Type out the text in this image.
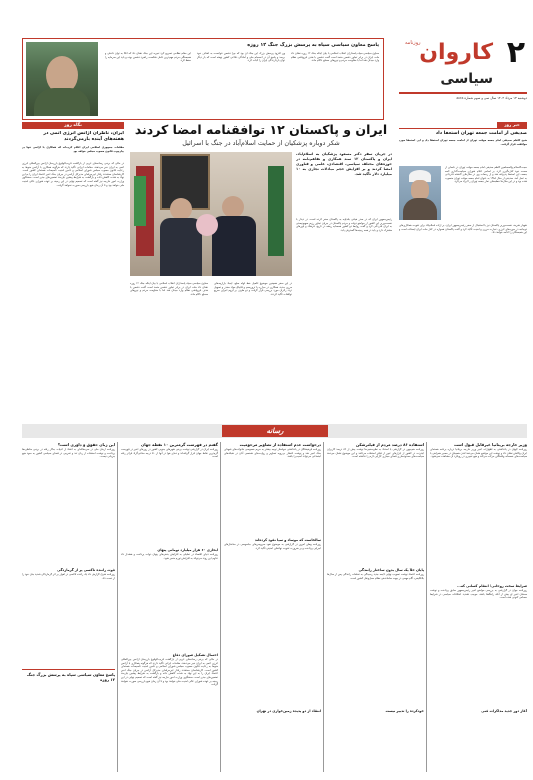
۲
کاروان
روزنامه
سیاسی
دوشنبه ۱۳ مرداد ۱۴۰۴ سال سی و سوم شماره ۵۸۶۵
پاسخ معاون سیاسی سپاه به پرسش بزرگ جنگ ۱۲ روزه
معاون سیاسی سپاه پاسداران انقلاب اسلامی با بیان اینکه جنگ ۱۲ روزه نشان داد ملت ایران در برابر تجاوز دشمن متحد است گفت دشمن با هدف فروپاشی نظام وارد میدان شد اما با مقاومت مردم و نیروهای مسلح ناکام ماند.
وی افزود پرسش بزرگ این جنگ آن بود که چرا دشمن نتوانست به اهداف خود برسد و پاسخ آن در انسجام ملی و آمادگی دفاعی کشور نهفته است که بار دیگر توان بازدارندگی ایران را اثبات کرد.
این مقام نظامی تصریح کرد تجربه این جنگ نشان داد که اتکا به توان داخلی و همبستگی مردم مهم‌ترین عامل شکست راهبرد دشمن بوده و باید این سرمایه را حفظ کرد.
خبر روز
صدیقی از امامت جمعه تهران استعفا داد
شیخ کاظم صدیقی امام جمعه موقت تهران از امامت جمعه تهران استعفا داد و این استعفا مورد موافقت قرار گرفت.
حجت‌الاسلام والمسلمین کاظم صدیقی امام جمعه موقت تهران در نامه‌ای از سمت خود کناره‌گیری کرد. بر اساس اعلام شورای سیاست‌گذاری ائمه جمعه، این استعفا پذیرفته شد و از زحمات وی در سال‌های گذشته قدردانی به عمل آمد. صدیقی از سال ۱۳۸۸ به عنوان امام جمعه موقت تهران منصوب شده بود و در این سال‌ها خطبه‌های نماز جمعه تهران را ایراد می‌کرد.
شهباز شریف نخست‌وزیر پاکستان نیز با استقبال از سفر رئیس‌جمهور ایران، بر اراده اسلام‌آباد برای تقویت همکاری‌های دوجانبه در حوزه‌های انرژی، تجارت مرزی و امنیت تأکید کرد و گفت پاکستان همواره در کنار ملت ایران ایستاده است و این همبستگی را ادامه خواهد داد.
ایران و پاکستان ۱۲ توافقنامه امضا کردند
شکر دوباره پزشکیان از حمایت اسلام‌آباد در جنگ با اسرائیل
در جریان سفر دکتر مسعود پزشکیان به اسلام‌آباد، ایران و پاکستان ۱۲ سند همکاری و تفاهم‌نامه در حوزه‌های مختلف سیاسی، اقتصادی، علمی و فناوری امضا کردند و بر افزایش حجم مبادلات تجاری به ۱۰ میلیارد دلار تأکید شد.
رئیس‌جمهور ایران که در صدر هیئتی بلندپایه به پاکستان سفر کرده است، در دیدار با نخست‌وزیر این کشور از مواضع دولت و مردم پاکستان در جریان تجاوز رژیم صهیونیستی به ایران قدردانی کرد و گفت روابط دو کشور همسایه ریشه در تاریخ، فرهنگ و باورهای مشترک دارد و باید در همه زمینه‌ها گسترش یابد.
در این سفر همچنین موضوع تکمیل خط لوله صلح، ایجاد بازارچه‌های مرزی جدید، همکاری در مبارزه با تروریسم و قاچاق مواد مخدر و تسهیل تردد زائران مورد بررسی قرار گرفت و دو طرف بر لزوم اجرای سریع توافقات تأکید کردند.
معاون سیاسی سپاه پاسداران انقلاب اسلامی با بیان اینکه جنگ ۱۲ روزه نشان داد ملت ایران در برابر تجاوز دشمن متحد است گفت دشمن با هدف فروپاشی نظام وارد میدان شد اما با مقاومت مردم و نیروهای مسلح ناکام ماند.
نگاه روز
ایران، ناظران آژانس انرژی اتمی در هفته‌های آینده بازمی‌گردند
مقامات جمهوری اسلامی ایران اعلام کرده‌اند که همکاری با آژانس تنها در چارچوب قانون مصوب مجلس خواهد بود
در حالی که برخی رسانه‌های غربی از بازگشت قریب‌الوقوع بازرسان آژانس بین‌المللی انرژی اتمی به ایران خبر می‌دهند، مقامات ایرانی تأکید دارند که هرگونه همکاری با آژانس منوط به رعایت قانون مصوب مجلس شورای اسلامی و تأمین امنیت تأسیسات هسته‌ای کشور است. کارشناسان معتقدند رفتار غیرحرفه‌ای مدیرکل آژانس در جریان جنگ اخیر اعتماد ایران را به این نهاد به شدت کاهش داده و بازگشت به شرایط پیشین نیازمند تضمین‌های جدی است. سخنگوی وزارت امور خارجه نیز گفته است که تصمیم نهایی در این زمینه بر عهده شورای عالی امنیت ملی خواهد بود و تا آن زمان هیچ بازرسی صورت نخواهد گرفت.
رسانه
وزیر خارجه بریتانیا غیرقابل قبول است
روزنامه کیهان در یادداشتی به اظهارات اخیر وزیر خارجه بریتانیا درباره برنامه هسته‌ای ایران واکنش نشان داد و نوشت این مواضع نشان می‌دهد لندن همچنان در مسیر همراهی با سیاست‌های خصمانه واشنگتن حرکت می‌کند و هیچ تغییری در رویکرد آن مشاهده نمی‌شود.
شرایط سخت روحانی؛ انتقام کسانی که...
روزنامه جوان در گزارشی به بررسی مواضع اخیر رئیس‌جمهور سابق پرداخت و نوشت سخنان اخیر او بیش از آنکه راهگشا باشد، موجب تشدید اختلافات سیاسی در شرایط حساس کنونی شده است.
آغاز دور جدید مذاکرات فنی
استفاده ۸۶ درصد مردم از فیلترشکن
روزنامه هم‌میهن در گزارشی با استناد به نظرسنجی‌ها نوشت بیش از ۸۶ درصد کاربران اینترنت در کشور از ابزارهای عبور از فیلتر استفاده می‌کنند و این موضوع نشان می‌دهد سیاست‌های محدودسازی فضای مجازی کارآیی لازم را نداشته است.
پایان خلأ یک سال بدون ساختار رانندگی
روزنامه اعتماد نوشت تصویب نهایی لایحه جدید رسیدگی به تخلفات رانندگی پس از سال‌ها بلاتکلیفی، گام مهمی در جهت ساماندهی نظام حمل‌ونقل کشور است.
خودکرده را تدبیر نیست
درخواست عدم استفاده از تصاویر مرحومیت
روزنامه فرهیختگان در یادداشتی خواستار توجه بیشتر به حریم خصوصی خانواده‌های شهدای جنگ اخیر شد و نوشت انتشار بی‌رویه تصاویر و روایت‌های شخصی آنان در شبکه‌های اجتماعی می‌تواند آسیب‌زا باشد.
سالخاست که موساد و سیا نفوذ کرده‌اند
روزنامه وطن امروز در گزارشی به موضوع نفوذ سرویس‌های جاسوسی در ساختارهای اجرایی پرداخت و بر ضرورت تقویت نهادهای امنیتی تأکید کرد.
انتقاد از دو پدیده زمین‌خواری در تهران
گفتم در فهرست گرمترین ۱۰ نقطه جهان
روزنامه ایران در گزارشی نوشت برخی شهرهای جنوبی کشور در روزهای اخیر در فهرست گرم‌ترین نقاط جهان قرار گرفته‌اند و دمای هوا در آنها از ۵۰ درجه سانتی‌گراد فراتر رفته است.
ابخازی ۶۰ هزار میلیارد تومانی پنهان
روزنامه دنیای اقتصاد در تحلیلی به افزایش بدهی‌های پنهان دولت پرداخت و هشدار داد تداوم این روند می‌تواند به افزایش تورم منجر شود.
احتمال تشکیل شورای دفاع
در حالی که برخی رسانه‌های غربی از بازگشت قریب‌الوقوع بازرسان آژانس بین‌المللی انرژی اتمی به ایران خبر می‌دهند، مقامات ایرانی تأکید دارند که هرگونه همکاری با آژانس منوط به رعایت قانون مصوب مجلس شورای اسلامی و تأمین امنیت تأسیسات هسته‌ای کشور است. کارشناسان معتقدند رفتار غیرحرفه‌ای مدیرکل آژانس در جریان جنگ اخیر اعتماد ایران را به این نهاد به شدت کاهش داده و بازگشت به شرایط پیشین نیازمند تضمین‌های جدی است. سخنگوی وزارت امور خارجه نیز گفته است که تصمیم نهایی در این زمینه بر عهده شورای عالی امنیت ملی خواهد بود و تا آن زمان هیچ بازرسی صورت نخواهد گرفت.
این زبان حقوق و داوری است؟
روزنامه آرمان ملی در سرمقاله‌ای به انتقاد از ادبیات به‌کار رفته در برخی مناظره‌ها پرداخت و نوشت استفاده از زبان تند و تخریبی در فضای سیاسی کشور به سود هیچ جریانی نیست.
فوت راننده تاکسی پر از گرمازدگی
روزنامه شرق گزارش داد یک راننده تاکسی در اهواز بر اثر گرمازدگی شدید جان خود را از دست داد.
پاسخ معاون سیاسی سپاه به پرسش بزرگ جنگ ۱۲ روزه
